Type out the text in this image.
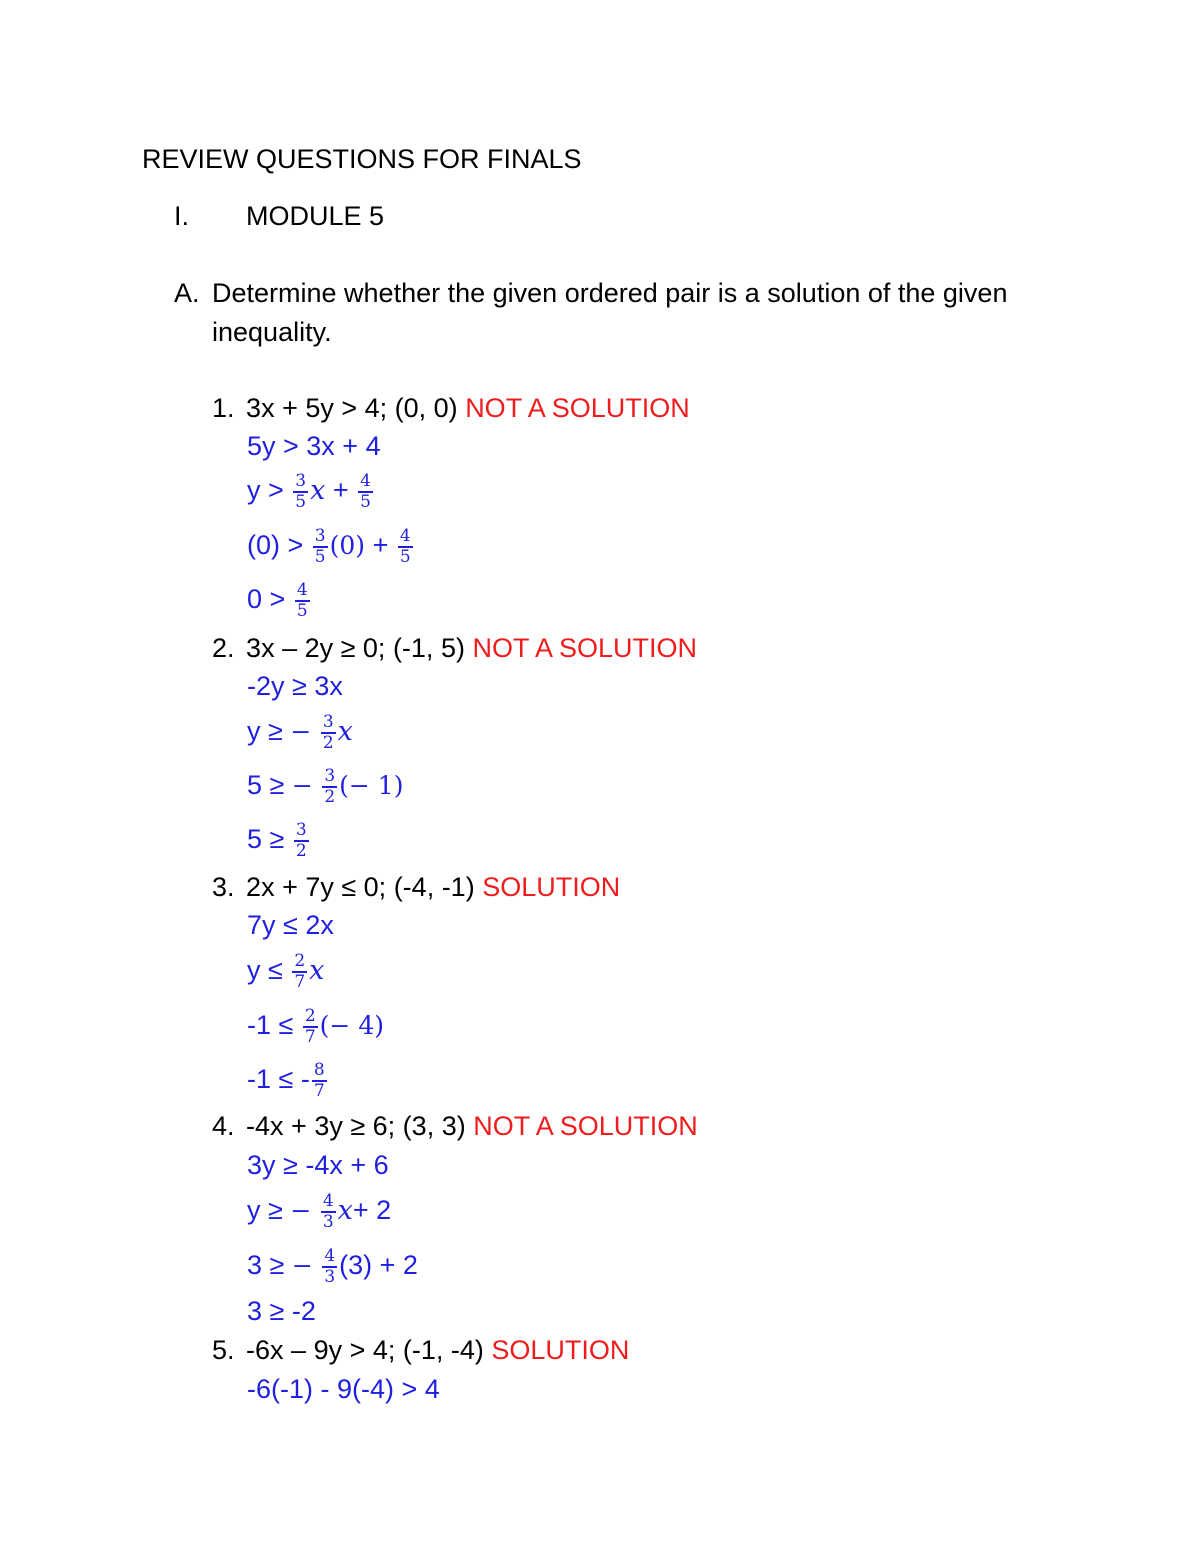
REVIEW QUESTIONS FOR FINALS
I. MODULE 5
A. Determine whether the given ordered pair is a solution of the given
inequality.
1. 3x + 5y > 4; (0, 0) NOT A SOLUTION
5y > 3x + 4
$y > \frac{3}{5}$ $x + \frac{4}{5}$
$(0) > \frac{3}{5} (0) + \frac{4}{5}$
$0 > \frac{4}{5}$
2. 3x – 2y ≥ 0; (-1, 5) NOT A SOLUTION
-2y ≥ 3x
y ≥ − $\frac{3}{2}$ x
5 ≥ − $\frac{3}{2}$ (− 1)
$5 \ge \frac{3}{2}$
3. 2x + 7y ≤ 0; (-4, -1) SOLUTION
7y ≤ 2x
$y \le \frac{2}{7}$ x
$-1 \le \frac{2}{7}$ (− 4)
-1 ≤ - $\frac{8}{7}$
4. -4x + 3y ≥ 6; (3, 3) NOT A SOLUTION
3y ≥ -4x + 6
y ≥ − $\frac{4}{3} x+ 2$
3 ≥ − $\frac{4}{3} (3) + 2$
3 ≥ -2
5. -6x – 9y > 4; (-1, -4) SOLUTION
-6(-1) - 9(-4) > 4
